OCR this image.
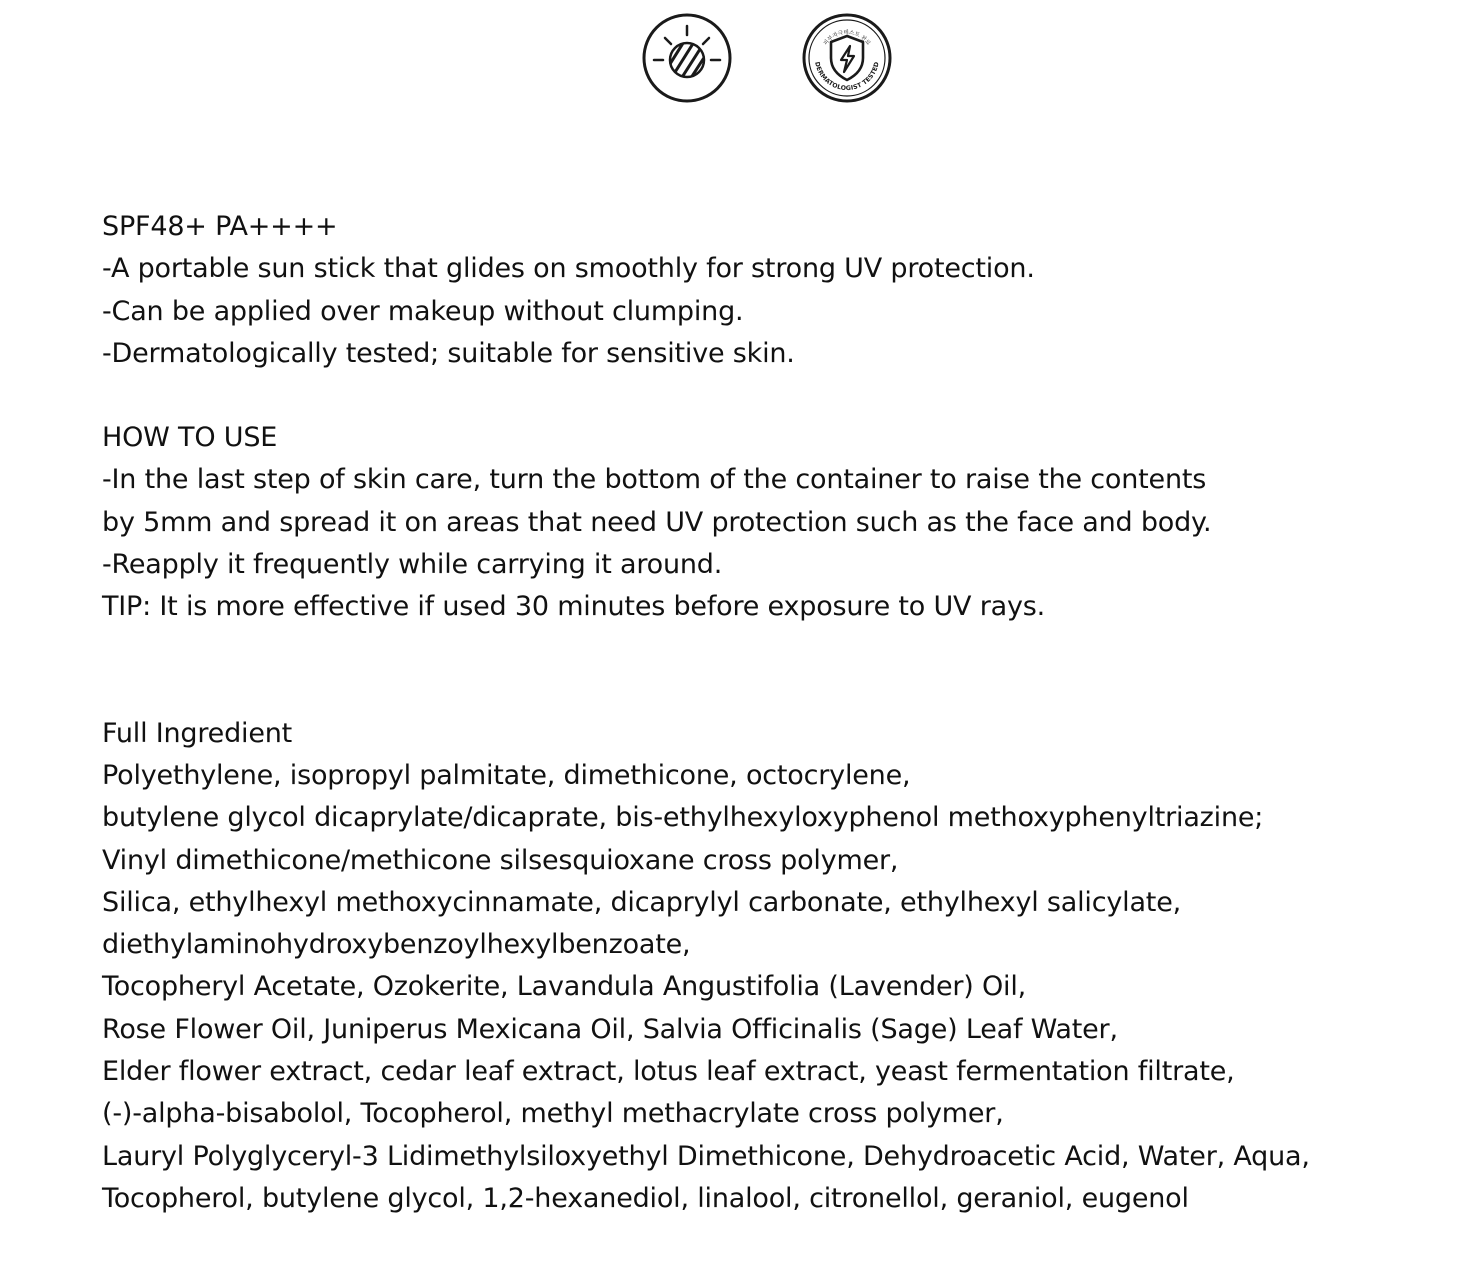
DERMATOLOGIST TESTED
피부자극테스트 완료
SPF48+ PA++++
-A portable sun stick that glides on smoothly for strong UV protection.
-Can be applied over makeup without clumping.
-Dermatologically tested; suitable for sensitive skin.
HOW TO USE
-In the last step of skin care, turn the bottom of the container to raise the contents
by 5mm and spread it on areas that need UV protection such as the face and body.
-Reapply it frequently while carrying it around.
TIP: It is more effective if used 30 minutes before exposure to UV rays.
Full Ingredient
Polyethylene, isopropyl palmitate, dimethicone, octocrylene,
butylene glycol dicaprylate/dicaprate, bis-ethylhexyloxyphenol methoxyphenyltriazine;
Vinyl dimethicone/methicone silsesquioxane cross polymer,
Silica, ethylhexyl methoxycinnamate, dicaprylyl carbonate, ethylhexyl salicylate,
diethylaminohydroxybenzoylhexylbenzoate,
Tocopheryl Acetate, Ozokerite, Lavandula Angustifolia (Lavender) Oil,
Rose Flower Oil, Juniperus Mexicana Oil, Salvia Officinalis (Sage) Leaf Water,
Elder flower extract, cedar leaf extract, lotus leaf extract, yeast fermentation filtrate,
(-)-alpha-bisabolol, Tocopherol, methyl methacrylate cross polymer,
Lauryl Polyglyceryl-3 Lidimethylsiloxyethyl Dimethicone, Dehydroacetic Acid, Water, Aqua,
Tocopherol, butylene glycol, 1,2-hexanediol, linalool, citronellol, geraniol, eugenol
